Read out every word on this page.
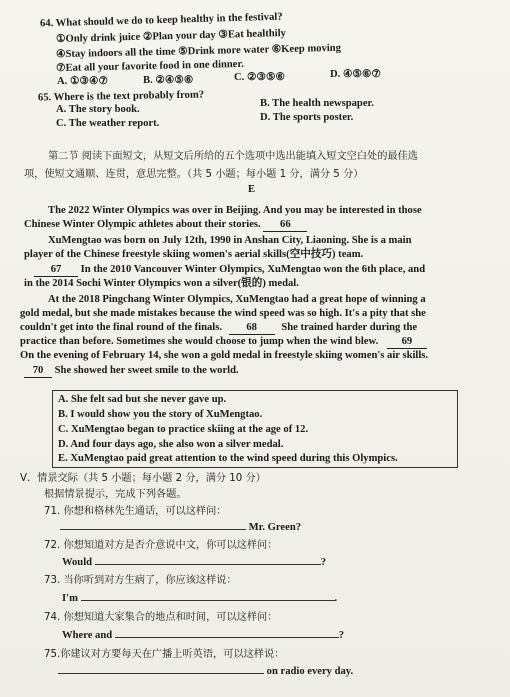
64. What should we do to keep healthy in the festival?
①Only drink juice ②Plan your day ③Eat healthily
④Stay indoors all the time ⑤Drink more water ⑥Keep moving
⑦Eat all your favorite food in one dinner.
A. ①③④⑦	B. ②④⑤⑥	C. ②③⑤⑥	D. ④⑤⑥⑦
65. Where is the text probably from?
A. The story book.
B. The health newspaper.
C. The weather report.
D. The sports poster.
第二节 阅读下面短文，从短文后所给的五个选项中选出能填入短文空白处的最佳选
项，使短文通顺、连贯，意思完整。（共 5 小题；每小题 1 分，满分 5 分）
E
The 2022 Winter Olympics was over in Beijing. And you may be interested in those
Chinese Winter Olympic athletes about their stories. 66
XuMengtao was born on July 12th, 1990 in Anshan City, Liaoning. She is a main
player of the Chinese freestyle skiing women's aerial skills(空中技巧) team.
67 In the 2010 Vancouver Winter Olympics, XuMengtao won the 6th place, and
in the 2014 Sochi Winter Olympics won a silver(银的) medal.
At the 2018 Pingchang Winter Olympics, XuMengtao had a great hope of winning a
gold medal, but she made mistakes because the wind speed was so high. It's a pity that she
couldn't get into the final round of the finals. 68 She trained harder during the
practice than before. Sometimes she would choose to jump when the wind blew. 69
On the evening of February 14, she won a gold medal in freestyle skiing women's air skills.
70 She showed her sweet smile to the world.
A. She felt sad but she never gave up.
B. I would show you the story of XuMengtao.
C. XuMengtao began to practice skiing at the age of 12.
D. And four days ago, she also won a silver medal.
E. XuMengtao paid great attention to the wind speed during this Olympics.
V．情景交际（共 5 小题；每小题 2 分，满分 10 分）
根据情景提示，完成下列各题。
71. 你想和格林先生通话，可以这样问：
Mr. Green?
72. 你想知道对方是否介意说中文，你可以这样问：
Would	?
73. 当你听到对方生病了，你应该这样说：
I'm	.
74. 你想知道大家集合的地点和时间，可以这样问：
Where and	?
75.你建议对方要每天在广播上听英语，可以这样说：
on radio every day.
